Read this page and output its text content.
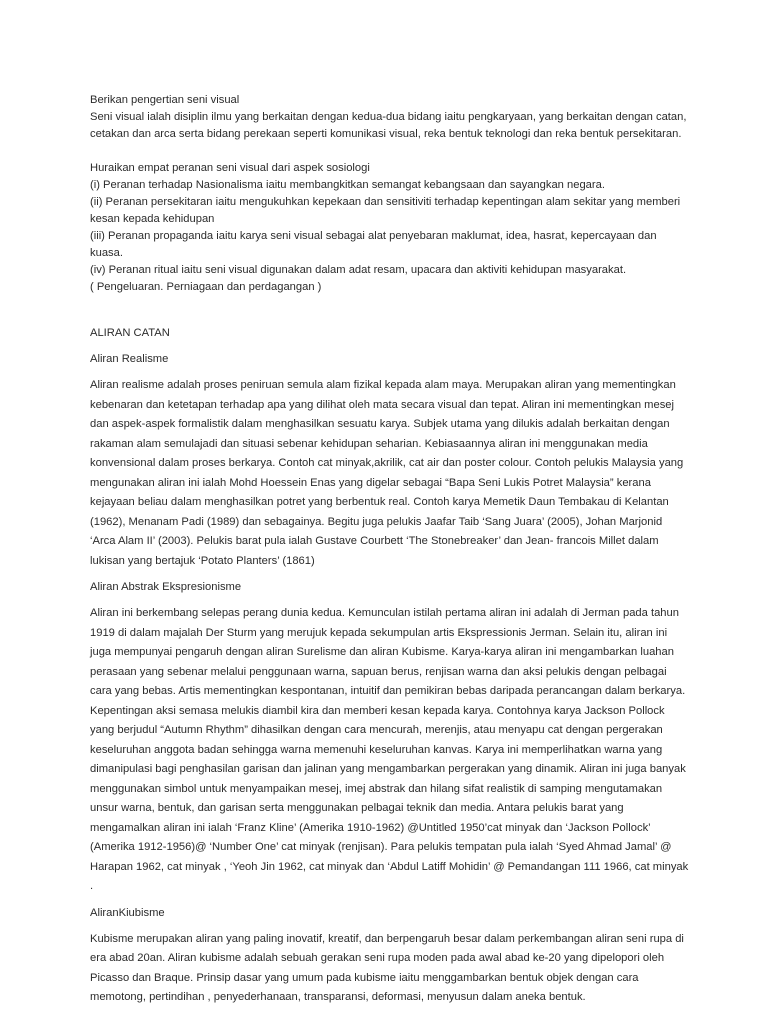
Berikan pengertian seni visual

Seni visual ialah disiplin ilmu yang berkaitan dengan kedua-dua bidang iaitu pengkaryaan, yang berkaitan dengan catan, cetakan dan arca serta bidang perekaan seperti komunikasi visual, reka bentuk teknologi dan reka bentuk persekitaran.

Huraikan empat peranan seni visual dari aspek sosiologi

(i) Peranan terhadap Nasionalisma iaitu membangkitkan semangat kebangsaan dan sayangkan negara.

(ii) Peranan persekitaran iaitu mengukuhkan kepekaan dan sensitiviti terhadap kepentingan alam sekitar yang memberi kesan kepada kehidupan

(iii) Peranan propaganda iaitu karya seni visual sebagai alat penyebaran maklumat, idea, hasrat, kepercayaan dan kuasa.

(iv) Peranan ritual iaitu seni visual digunakan dalam adat resam, upacara dan aktiviti kehidupan masyarakat.

( Pengeluaran. Perniagaan dan perdagangan )

ALIRAN CATAN
Aliran Realisme

Aliran realisme adalah proses peniruan semula alam fizikal kepada alam maya. Merupakan aliran yang mementingkan kebenaran dan ketetapan terhadap apa yang dilihat oleh mata secara visual dan tepat. Aliran ini mementingkan mesej dan aspek-aspek formalistik dalam menghasilkan sesuatu karya. Subjek utama yang dilukis adalah berkaitan dengan rakaman alam semulajadi dan situasi sebenar kehidupan seharian. Kebiasaannya aliran ini menggunakan media konvensional dalam proses berkarya. Contoh cat minyak,akrilik, cat air dan poster colour. Contoh pelukis Malaysia yang mengunakan aliran ini ialah Mohd Hoessein Enas yang digelar sebagai “Bapa Seni Lukis Potret Malaysia” kerana kejayaan beliau dalam menghasilkan potret yang berbentuk real. Contoh karya Memetik Daun Tembakau di Kelantan (1962), Menanam Padi (1989) dan sebagainya. Begitu juga pelukis Jaafar Taib ‘Sang Juara’ (2005), Johan Marjonid ‘Arca Alam II’ (2003). Pelukis barat pula ialah Gustave Courbett ‘The Stonebreaker’ dan Jean- francois Millet dalam lukisan yang bertajuk ‘Potato Planters’ (1861)

Aliran Abstrak Ekspresionisme

Aliran ini berkembang selepas perang dunia kedua. Kemunculan istilah pertama aliran ini adalah di Jerman pada tahun 1919 di dalam majalah Der Sturm yang merujuk kepada sekumpulan artis Ekspressionis Jerman. Selain itu, aliran ini juga mempunyai pengaruh dengan aliran Surelisme dan aliran Kubisme. Karya-karya aliran ini mengambarkan luahan perasaan yang sebenar melalui penggunaan warna, sapuan berus, renjisan warna dan aksi pelukis dengan pelbagai cara yang bebas. Artis mementingkan kespontanan, intuitif dan pemikiran bebas daripada perancangan dalam berkarya. Kepentingan aksi semasa melukis diambil kira dan memberi kesan kepada karya. Contohnya karya Jackson Pollock yang berjudul “Autumn Rhythm” dihasilkan dengan cara mencurah, merenjis, atau menyapu cat dengan pergerakan keseluruhan anggota badan sehingga warna memenuhi keseluruhan kanvas. Karya ini memperlihatkan warna yang dimanipulasi bagi penghasilan garisan dan jalinan yang mengambarkan pergerakan yang dinamik. Aliran ini juga banyak menggunakan simbol untuk menyampaikan mesej, imej abstrak dan hilang sifat realistik di samping mengutamakan unsur warna, bentuk, dan garisan serta menggunakan pelbagai teknik dan media. Antara pelukis barat yang mengamalkan aliran ini ialah ‘Franz Kline’ (Amerika 1910-1962) @Untitled 1950’cat minyak dan ‘Jackson Pollock’ (Amerika 1912-1956)@ ‘Number One’ cat minyak (renjisan). Para pelukis tempatan pula ialah ‘Syed Ahmad Jamal’ @ Harapan 1962, cat minyak , ‘Yeoh Jin 1962, cat minyak dan ‘Abdul Latiff Mohidin’ @ Pemandangan 111 1966, cat minyak .

AliranKiubisme

Kubisme merupakan aliran yang paling inovatif, kreatif, dan berpengaruh besar dalam perkembangan aliran seni rupa di era abad 20an. Aliran kubisme adalah sebuah gerakan seni rupa moden pada awal abad ke-20 yang dipelopori oleh Picasso dan Braque. Prinsip dasar yang umum pada kubisme iaitu menggambarkan bentuk objek dengan cara memotong, pertindihan , penyederhanaan, transparansi, deformasi, menyusun dalam aneka bentuk.
